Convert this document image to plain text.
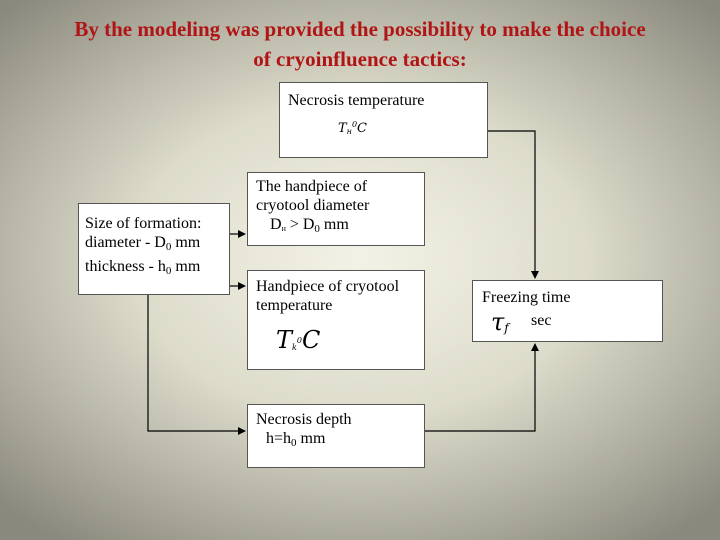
By the modeling was provided the possibility to make the choice
of cryoinfluence tactics:
Necrosis temperature
$Tн^0C$
Size of formation:
diameter - $D_0$ mm
thickness - $h_0$ mm
The handpiece of
cryotool diameter
Dн > $D_0$ mm
Handpiece of cryotool
temperature
Tk$^0$C
Necrosis depth
$h=h_0$ mm
Freezing time
τf sec
